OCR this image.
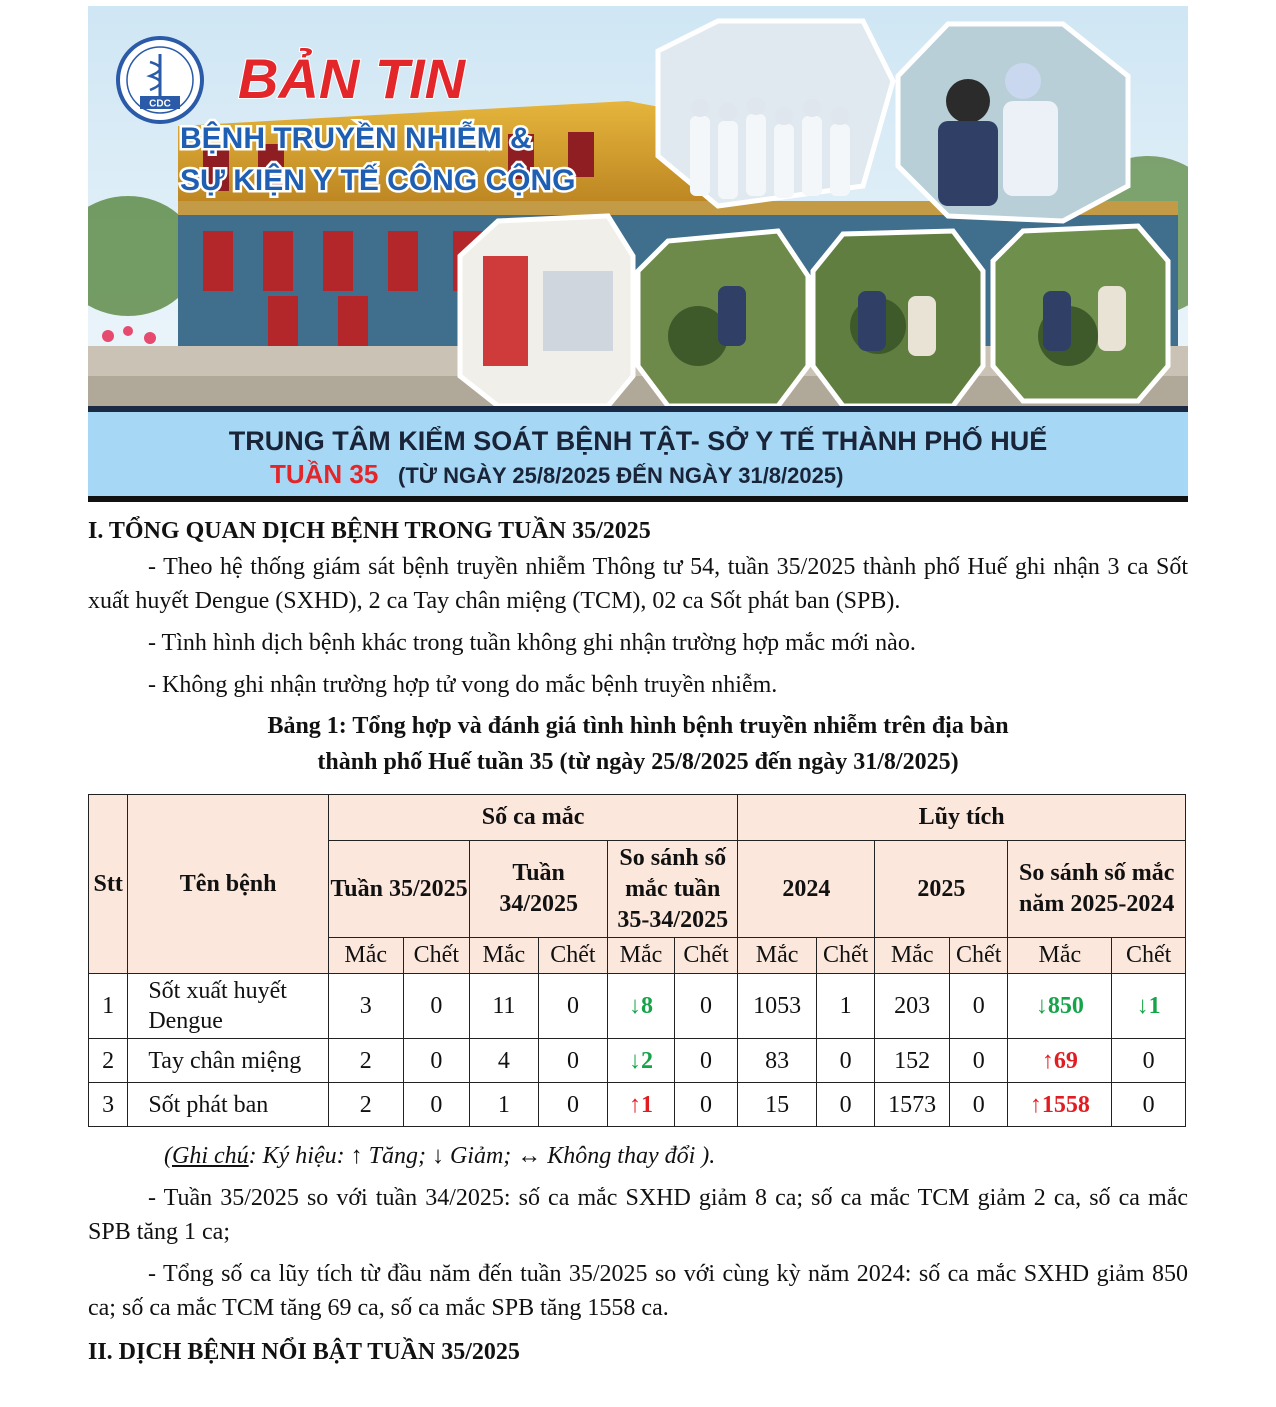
CDC BẢN TIN
BỆNH TRUYỀN NHIỄM &
SỰ KIỆN Y TẾ CÔNG CỘNG
TRUNG TÂM KIỂM SOÁT BỆNH TẬT- SỞ Y TẾ THÀNH PHỐ HUẾ
TUẦN 35 (TỪ NGÀY 25/8/2025 ĐẾN NGÀY 31/8/2025)

I. TỔNG QUAN DỊCH BỆNH TRONG TUẦN 35/2025

- Theo hệ thống giám sát bệnh truyền nhiễm Thông tư 54, tuần 35/2025 thành phố Huế ghi nhận 3 ca Sốt xuất huyết Dengue (SXHD), 2 ca Tay chân miệng (TCM), 02 ca Sốt phát ban (SPB).

- Tình hình dịch bệnh khác trong tuần không ghi nhận trường hợp mắc mới nào.

- Không ghi nhận trường hợp tử vong do mắc bệnh truyền nhiễm.

Bảng 1: Tổng hợp và đánh giá tình hình bệnh truyền nhiễm trên địa bàn
thành phố Huế tuần 35 (từ ngày 25/8/2025 đến ngày 31/8/2025)

Stt	Tên bệnh	Số ca mắc						Lũy tích					
		Tuần 35/2025		Tuần 34/2025		So sánh số mắc tuần 35-34/2025		2024		2025		So sánh số mắc năm 2025-2024	
		Mắc	Chết	Mắc	Chết	Mắc	Chết	Mắc	Chết	Mắc	Chết	Mắc	Chết
1	Sốt xuất huyết Dengue	3	0	11	0	↓8	0	1053	1	203	0	↓850	↓1
2	Tay chân miệng	2	0	4	0	↓2	0	83	0	152	0	↑69	0
3	Sốt phát ban	2	0	1	0	↑1	0	15	0	1573	0	↑1558	0

(Ghi chú: Ký hiệu: ↑ Tăng; ↓ Giảm; ↔ Không thay đổi ).

- Tuần 35/2025 so với tuần 34/2025: số ca mắc SXHD giảm 8 ca; số ca mắc TCM giảm 2 ca, số ca mắc SPB tăng 1 ca;

- Tổng số ca lũy tích từ đầu năm đến tuần 35/2025 so với cùng kỳ năm 2024: số ca mắc SXHD giảm 850 ca; số ca mắc TCM tăng 69 ca, số ca mắc SPB tăng 1558 ca.

II. DỊCH BỆNH NỔI BẬT TUẦN 35/2025
